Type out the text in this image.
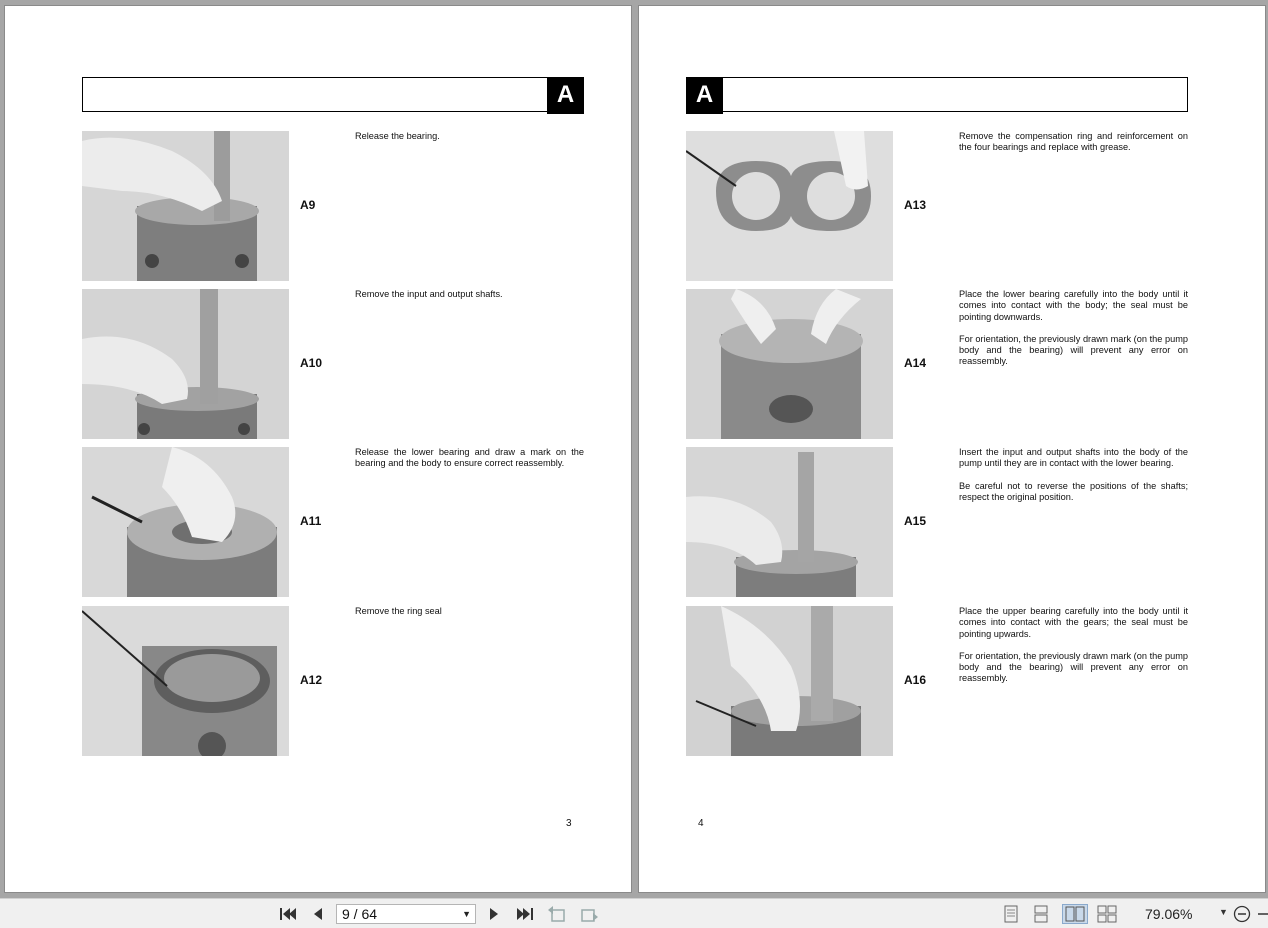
A
A9

Release the bearing.

A10

Remove the input and output shafts.

A11

Release the lower bearing and draw a mark on the bearing and the body to ensure correct reassembly.

A12

Remove the ring seal

3
A
A13

Remove the compensation ring and reinforcement on the four bearings and replace with grease.

A14

Place the lower bearing carefully into the body until it comes into contact with the body; the seal must be pointing downwards.

For orientation, the previously drawn mark (on the pump body and the bearing) will prevent any error on reassembly.

A15

Insert the input and output shafts into the body of the pump until they are in contact with the lower bearing.

Be careful not to reverse the positions of the shafts; respect the original position.

A16

Place the upper bearing carefully into the body until it comes into contact with the gears; the seal must be pointing upwards.

For orientation, the previously drawn mark (on the pump body and the bearing) will prevent any error on reassembly.

4
9 / 64	▼	79.06%	▼
